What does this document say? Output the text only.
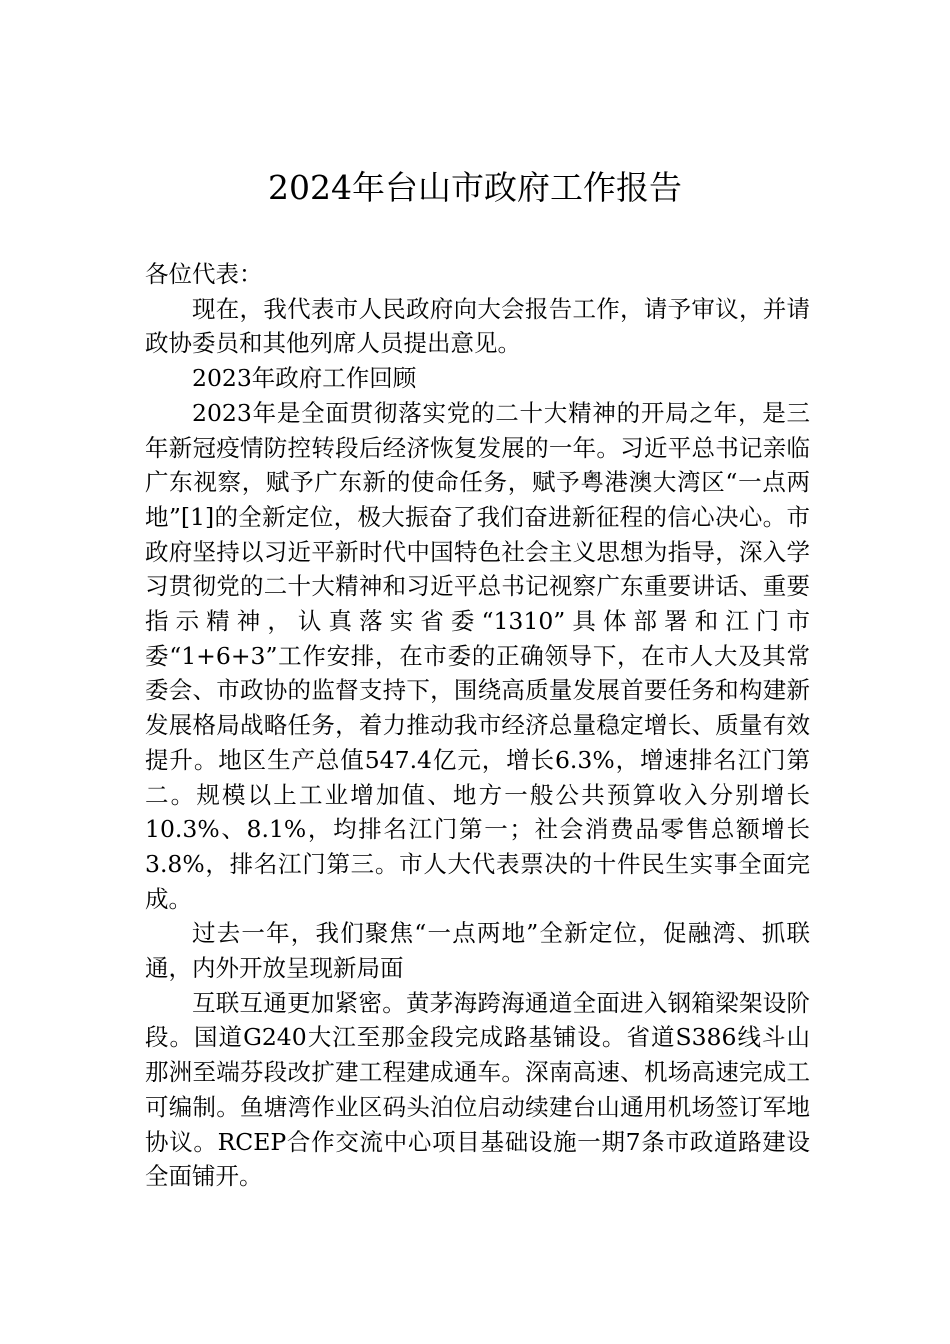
2024年台山市政府工作报告

各位代表：

现在，我代表市人民政府向大会报告工作，请予审议，并请政协委员和其他列席人员提出意见。

2023年政府工作回顾

2023年是全面贯彻落实党的二十大精神的开局之年，是三年新冠疫情防控转段后经济恢复发展的一年。习近平总书记亲临广东视察，赋予广东新的使命任务，赋予粤港澳大湾区“一点两地”[1]的全新定位，极大振奋了我们奋进新征程的信心决心。市政府坚持以习近平新时代中国特色社会主义思想为指导，深入学习贯彻党的二十大精神和习近平总书记视察广东重要讲话、重要指示精神，认真落实省委“1310”具体部署和江门市委“1+6+3”工作安排，在市委的正确领导下，在市人大及其常委会、市政协的监督支持下，围绕高质量发展首要任务和构建新发展格局战略任务，着力推动我市经济总量稳定增长、质量有效提升。地区生产总值547.4亿元，增长6.3%，增速排名江门第二。规模以上工业增加值、地方一般公共预算收入分别增长10.3%、8.1%，均排名江门第一；社会消费品零售总额增长3.8%，排名江门第三。市人大代表票决的十件民生实事全面完成。

过去一年，我们聚焦“一点两地”全新定位，促融湾、抓联通，内外开放呈现新局面

互联互通更加紧密。黄茅海跨海通道全面进入钢箱梁架设阶段。国道G240大江至那金段完成路基铺设。省道S386线斗山那洲至端芬段改扩建工程建成通车。深南高速、机场高速完成工可编制。鱼塘湾作业区码头泊位启动续建台山通用机场签订军地协议。RCEP合作交流中心项目基础设施一期7条市政道路建设全面铺开。
